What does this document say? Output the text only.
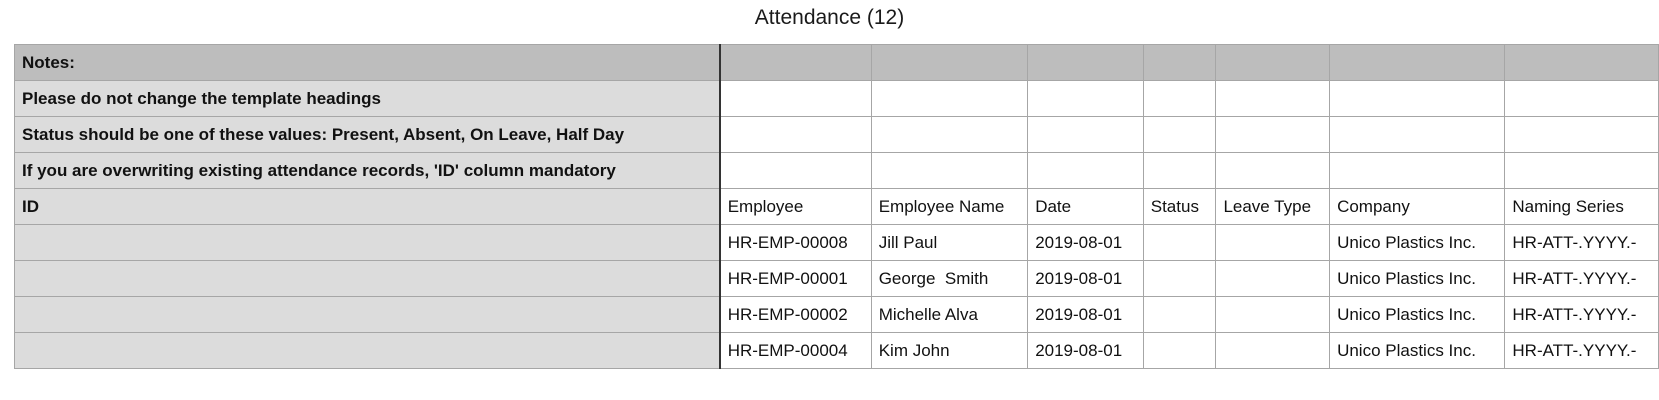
Attendance (12)
Notes:							
Please do not change the template headings							
Status should be one of these values: Present, Absent, On Leave, Half Day							
If you are overwriting existing attendance records, 'ID' column mandatory							
ID	Employee	Employee Name	Date	Status	Leave Type	Company	Naming Series
	HR-EMP-00008	Jill Paul	2019-08-01			Unico Plastics Inc.	HR-ATT-.YYYY.-
	HR-EMP-00001	George  Smith	2019-08-01			Unico Plastics Inc.	HR-ATT-.YYYY.-
	HR-EMP-00002	Michelle Alva	2019-08-01			Unico Plastics Inc.	HR-ATT-.YYYY.-
	HR-EMP-00004	Kim John	2019-08-01			Unico Plastics Inc.	HR-ATT-.YYYY.-
